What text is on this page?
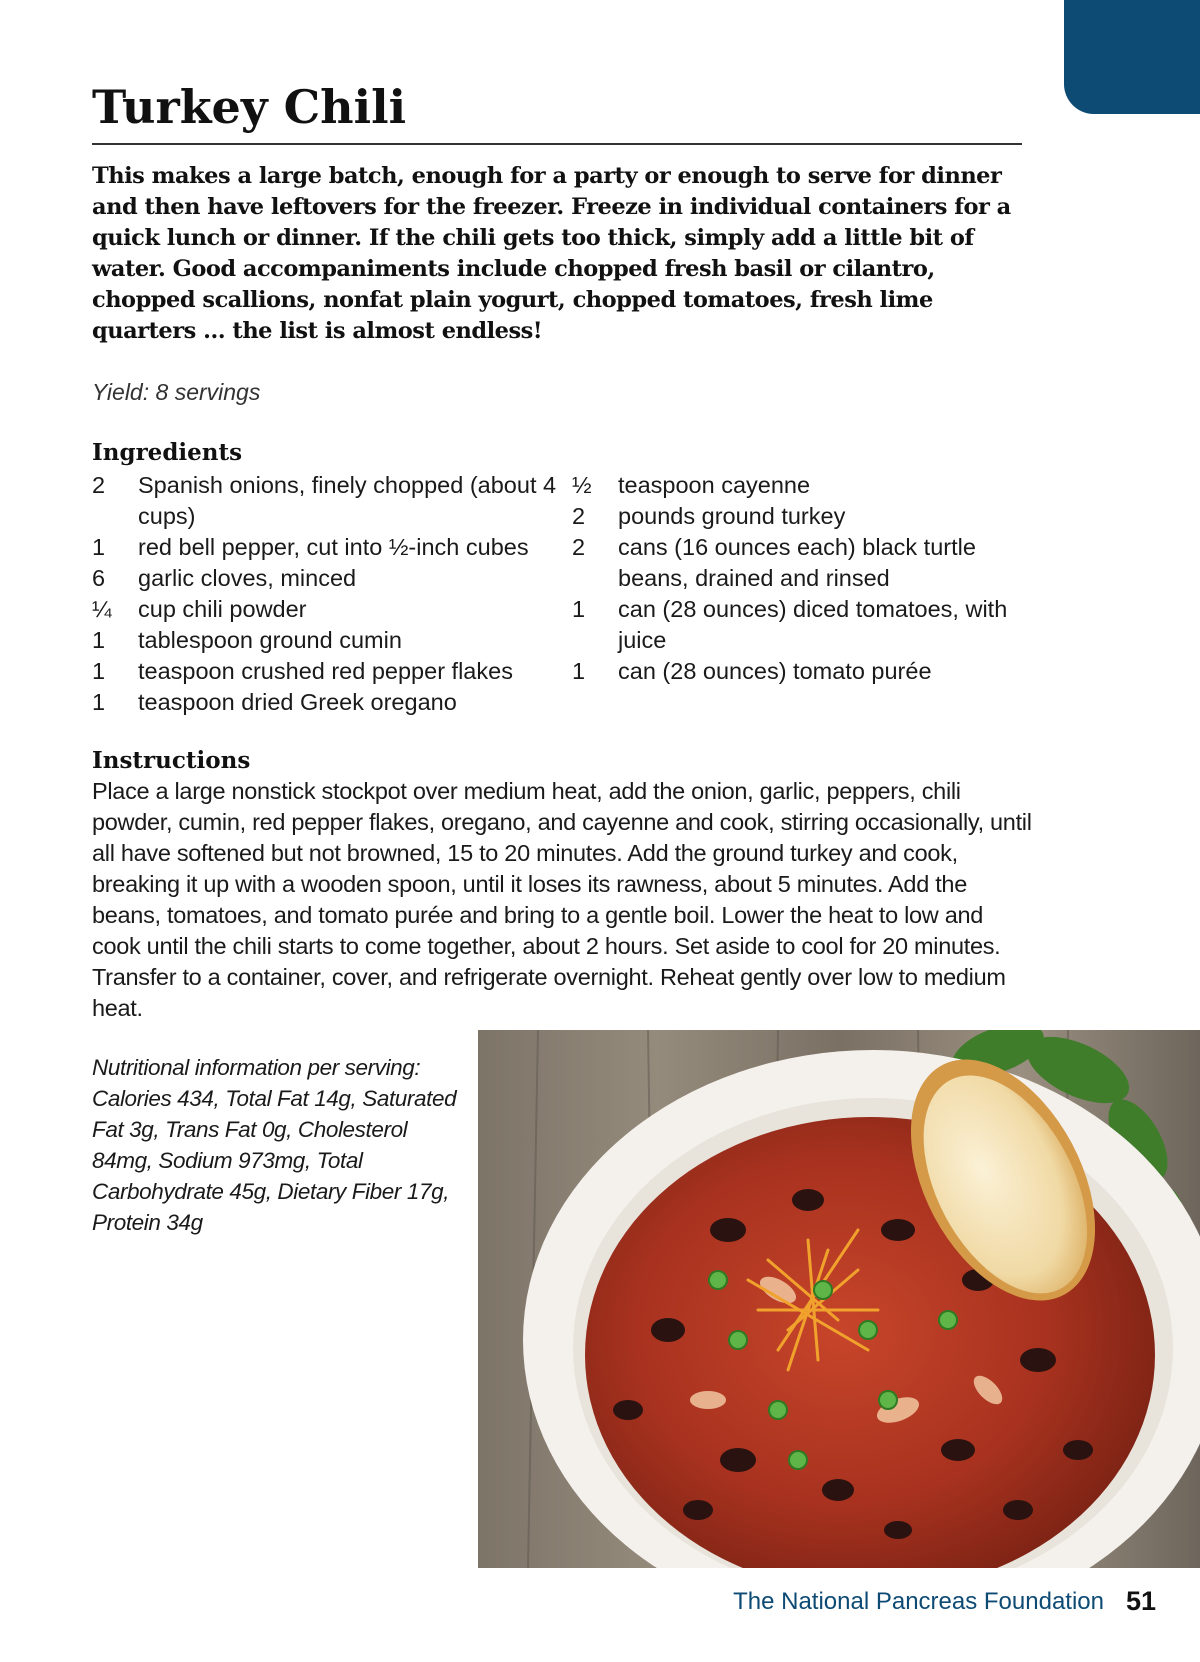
Turkey Chili

This makes a large batch, enough for a party or enough to serve for dinner and then have leftovers for the freezer. Freeze in individual containers for a quick lunch or dinner. If the chili gets too thick, simply add a little bit of water. Good accompaniments include chopped fresh basil or cilantro, chopped scallions, nonfat plain yogurt, chopped tomatoes, fresh lime quarters … the list is almost endless!

Yield: 8 servings

Ingredients
2	Spanish onions, finely chopped (about 4 cups)
1	red bell pepper, cut into ½-inch cubes
6	garlic cloves, minced
¼	cup chili powder
1	tablespoon ground cumin
1	teaspoon crushed red pepper flakes
1	teaspoon dried Greek oregano
½	teaspoon cayenne
2	pounds ground turkey
2	cans (16 ounces each) black turtle beans, drained and rinsed
1	can (28 ounces) diced tomatoes, with juice
1	can (28 ounces) tomato purée
Instructions

Place a large nonstick stockpot over medium heat, add the onion, garlic, peppers, chili powder, cumin, red pepper flakes, oregano, and cayenne and cook, stirring occasionally, until all have softened but not browned, 15 to 20 minutes. Add the ground turkey and cook, breaking it up with a wooden spoon, until it loses its rawness, about 5 minutes. Add the beans, tomatoes, and tomato purée and bring to a gentle boil. Lower the heat to low and cook until the chili starts to come together, about 2 hours. Set aside to cool for 20 minutes. Transfer to a container, cover, and refrigerate overnight. Reheat gently over low to medium heat.

Nutritional information per serving: Calories 434, Total Fat 14g, Saturated Fat 3g, Trans Fat 0g, Cholesterol 84mg, Sodium 973mg, Total Carbohydrate 45g, Dietary Fiber 17g, Protein 34g

The National Pancreas Foundation 51
